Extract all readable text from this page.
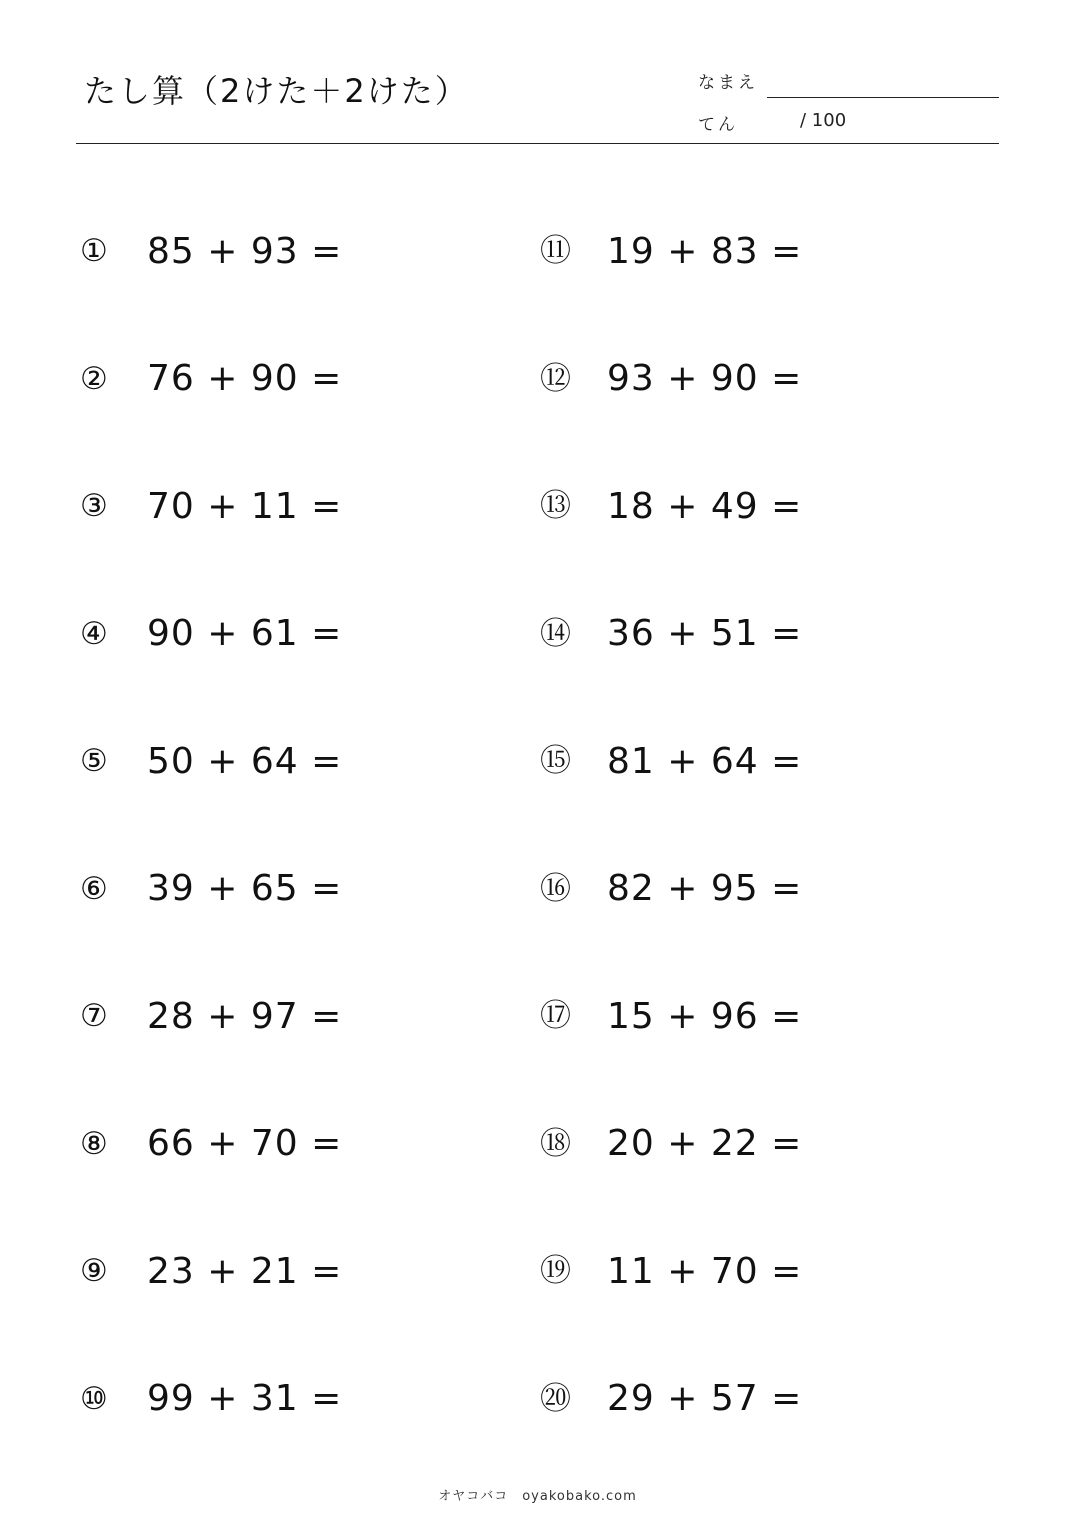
たし算（2けた＋2けた）	なまえ
てん	/ 100
①	85 + 93 =
②	76 + 90 =
③	70 + 11 =
④	90 + 61 =
⑤	50 + 64 =
⑥	39 + 65 =
⑦	28 + 97 =
⑧	66 + 70 =
⑨	23 + 21 =
⑩	99 + 31 =
⑪	19 + 83 =
⑫	93 + 90 =
⑬	18 + 49 =
⑭	36 + 51 =
⑮	81 + 64 =
⑯	82 + 95 =
⑰	15 + 96 =
⑱	20 + 22 =
⑲	11 + 70 =
⑳	29 + 57 =
オヤコバコ　oyakobako.com
